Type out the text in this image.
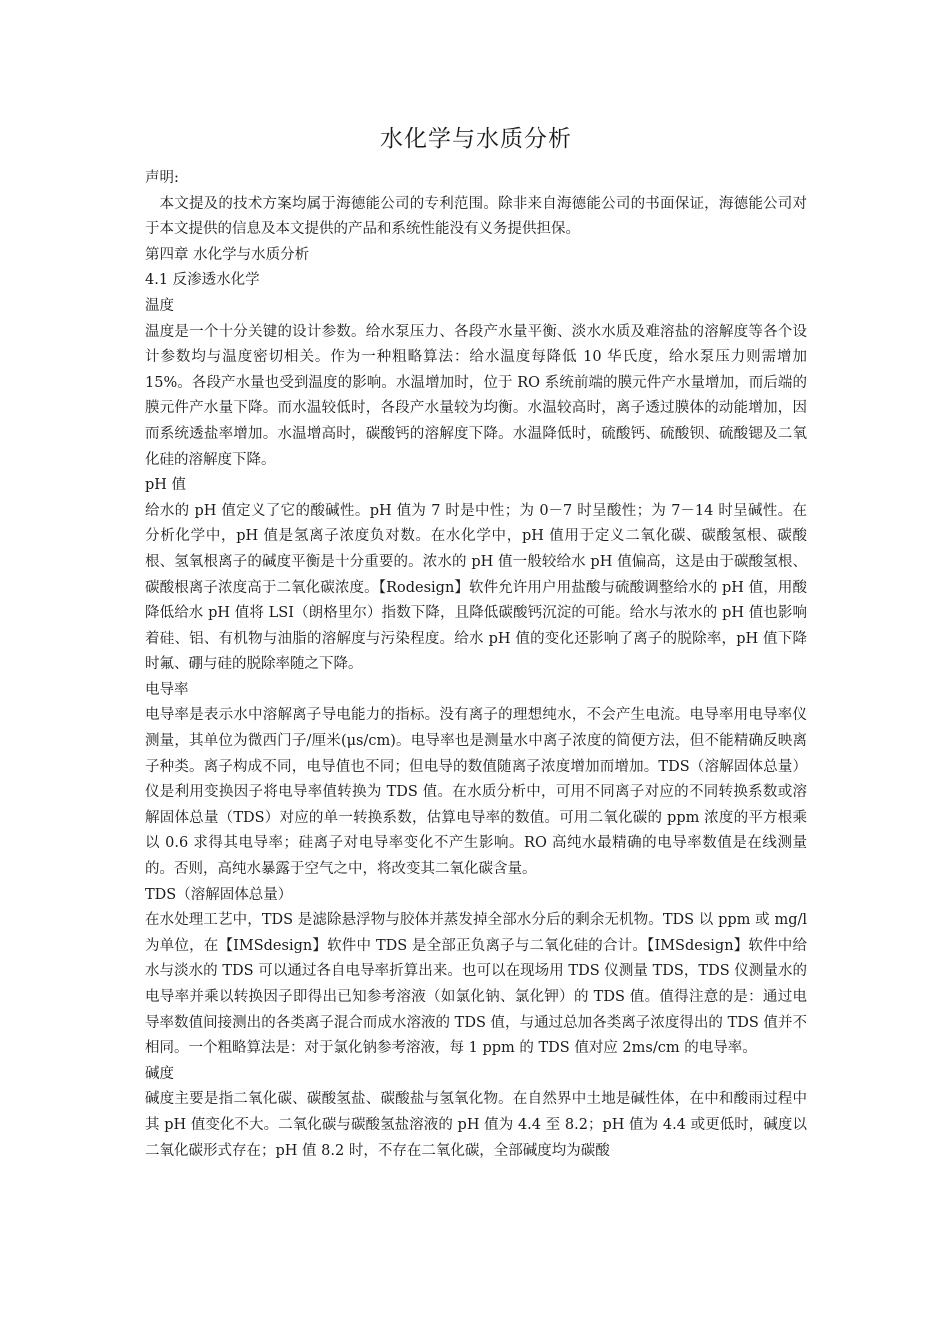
水化学与水质分析

声明:

本文提及的技术方案均属于海德能公司的专利范围。除非来自海德能公司的书面保证，海德能公司对于本文提供的信息及本文提供的产品和系统性能没有义务提供担保。

第四章 水化学与水质分析

4.1 反渗透水化学

温度

温度是一个十分关键的设计参数。给水泵压力、各段产水量平衡、淡水水质及难溶盐的溶解度等各个设计参数均与温度密切相关。作为一种粗略算法：给水温度每降低 10 华氏度，给水泵压力则需增加 15%。各段产水量也受到温度的影响。水温增加时，位于 RO 系统前端的膜元件产水量增加，而后端的膜元件产水量下降。而水温较低时，各段产水量较为均衡。水温较高时，离子透过膜体的动能增加，因而系统透盐率增加。水温增高时，碳酸钙的溶解度下降。水温降低时，硫酸钙、硫酸钡、硫酸锶及二氧化硅的溶解度下降。

pH 值

给水的 pH 值定义了它的酸碱性。pH 值为 7 时是中性；为 0－7 时呈酸性；为 7－14 时呈碱性。在分析化学中，pH 值是氢离子浓度负对数。在水化学中，pH 值用于定义二氧化碳、碳酸氢根、碳酸根、氢氧根离子的碱度平衡是十分重要的。浓水的 pH 值一般较给水 pH 值偏高，这是由于碳酸氢根、碳酸根离子浓度高于二氧化碳浓度。【Rodesign】软件允许用户用盐酸与硫酸调整给水的 pH 值，用酸降低给水 pH 值将 LSI（朗格里尔）指数下降，且降低碳酸钙沉淀的可能。给水与浓水的 pH 值也影响着硅、铝、有机物与油脂的溶解度与污染程度。给水 pH 值的变化还影响了离子的脱除率，pH 值下降时氟、硼与硅的脱除率随之下降。

电导率

电导率是表示水中溶解离子导电能力的指标。没有离子的理想纯水，不会产生电流。电导率用电导率仪测量，其单位为微西门子/厘米(μs/cm)。电导率也是测量水中离子浓度的简便方法，但不能精确反映离子种类。离子构成不同，电导值也不同；但电导的数值随离子浓度增加而增加。TDS（溶解固体总量）仪是利用变换因子将电导率值转换为 TDS 值。在水质分析中，可用不同离子对应的不同转换系数或溶解固体总量（TDS）对应的单一转换系数，估算电导率的数值。可用二氧化碳的 ppm 浓度的平方根乘以 0.6 求得其电导率；硅离子对电导率变化不产生影响。RO 高纯水最精确的电导率数值是在线测量的。否则，高纯水暴露于空气之中，将改变其二氧化碳含量。

TDS（溶解固体总量）

在水处理工艺中，TDS 是滤除悬浮物与胶体并蒸发掉全部水分后的剩余无机物。TDS 以 ppm 或 mg/l 为单位，在【IMSdesign】软件中 TDS 是全部正负离子与二氧化硅的合计。【IMSdesign】软件中给水与淡水的 TDS 可以通过各自电导率折算出来。也可以在现场用 TDS 仪测量 TDS，TDS 仪测量水的电导率并乘以转换因子即得出已知参考溶液（如氯化钠、氯化钾）的 TDS 值。值得注意的是：通过电导率数值间接测出的各类离子混合而成水溶液的 TDS 值，与通过总加各类离子浓度得出的 TDS 值并不相同。一个粗略算法是：对于氯化钠参考溶液，每 1 ppm 的 TDS 值对应 2ms/cm 的电导率。

碱度

碱度主要是指二氧化碳、碳酸氢盐、碳酸盐与氢氧化物。在自然界中土地是碱性体，在中和酸雨过程中其 pH 值变化不大。二氧化碳与碳酸氢盐溶液的 pH 值为 4.4 至 8.2；pH 值为 4.4 或更低时，碱度以二氧化碳形式存在；pH 值 8.2 时，不存在二氧化碳，全部碱度均为碳酸
